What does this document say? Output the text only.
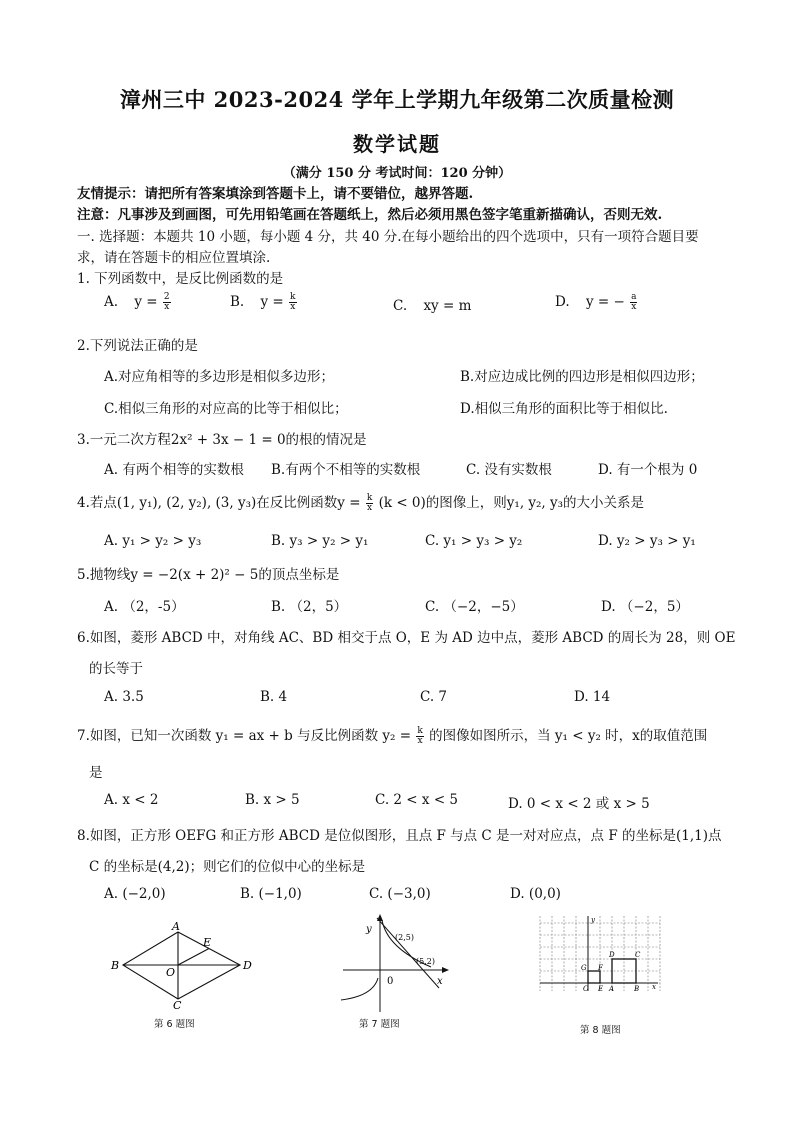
漳州三中 2023-2024 学年上学期九年级第二次质量检测
数学试题
（满分 150 分 考试时间：120 分钟）
友情提示：请把所有答案填涂到答题卡上，请不要错位，越界答题.
注意：凡事涉及到画图，可先用铅笔画在答题纸上，然后必须用黑色签字笔重新描确认，否则无效.
一. 选择题：本题共 10 小题，每小题 4 分，共 40 分.在每小题给出的四个选项中，只有一项符合题目要
求，请在答题卡的相应位置填涂.
1. 下列函数中，是反比例函数的是
A. $y = \frac{2}{x}$	B. $y = \frac{k}{x}$	C. xy = m	D. y = − $\frac{a}{x}$
2.下列说法正确的是
A.对应角相等的多边形是相似多边形；	B.对应边成比例的四边形是相似四边形；
C.相似三角形的对应高的比等于相似比；	D.相似三角形的面积比等于相似比.
3.一元二次方程2x² + 3x − 1 = 0的根的情况是
A. 有两个相等的实数根 B.有两个不相等的实数根	C. 没有实数根	D. 有一个根为 0
4.若点(1, y₁), (2, y₂), (3, y₃)在反比例函数$y = \frac{k}{x} (k < 0)$的图像上，则y₁, y₂, y₃的大小关系是
A. y₁ > y₂ > y₃	B. y₃ > y₂ > y₁	C. y₁ > y₃ > y₂	D. y₂ > y₃ > y₁
5.抛物线y = −2(x + 2)² − 5的顶点坐标是
A. （2，-5）	B. （2，5）	C. （−2，−5）	D. （−2，5）
6.如图，菱形 ABCD 中，对角线 AC、BD 相交于点 O，E 为 AD 边中点，菱形 ABCD 的周长为 28，则 OE
的长等于
A. 3.5	B. 4	C. 7	D. 14
7.如图，已知一次函数 y₁ = ax + b 与反比例函数 $y_2 = \frac{k}{x}$ 的图像如图所示，当 y₁ < y₂ 时，x的取值范围
是
A. x < 2	B. x > 5	C. 2 < x < 5	D. 0 < x < 2 或 x > 5
8.如图，正方形 OEFG 和正方形 ABCD 是位似图形，且点 F 与点 C 是一对对应点，点 F 的坐标是(1,1)点
C 的坐标是(4,2)；则它们的位似中心的坐标是
A. (−2,0)	B. (−1,0)	C. (−3,0)	D. (0,0)
A
B
C
D
E
O
第 6 题图
y
x
0
(2,5)
(5,2)
第 7 题图
y
x
O E A	B
G F
D	C
第 8 题图
